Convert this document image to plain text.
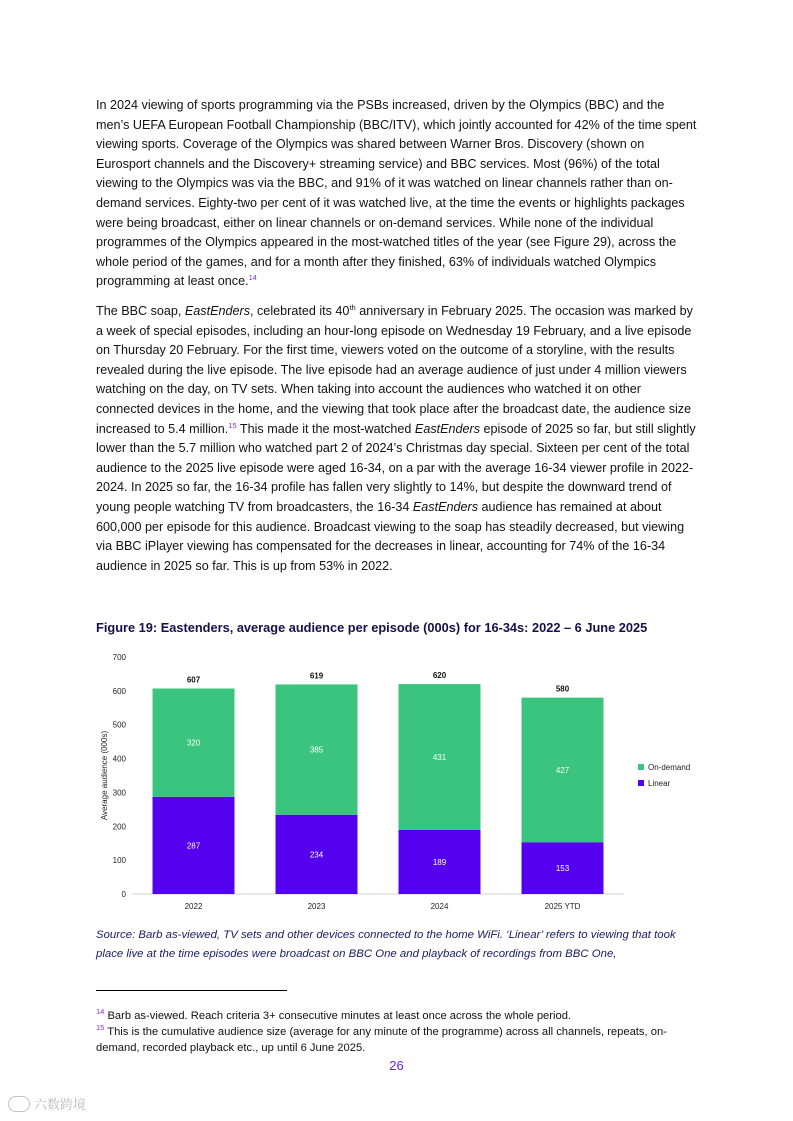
In 2024 viewing of sports programming via the PSBs increased, driven by the Olympics (BBC) and the men’s UEFA European Football Championship (BBC/ITV), which jointly accounted for 42% of the time spent viewing sports. Coverage of the Olympics was shared between Warner Bros. Discovery (shown on Eurosport channels and the Discovery+ streaming service) and BBC services. Most (96%) of the total viewing to the Olympics was via the BBC, and 91% of it was watched on linear channels rather than on-demand services. Eighty-two per cent of it was watched live, at the time the events or highlights packages were being broadcast, either on linear channels or on-demand services. While none of the individual programmes of the Olympics appeared in the most-watched titles of the year (see Figure 29), across the whole period of the games, and for a month after they finished, 63% of individuals watched Olympics programming at least once.$^{14}$

The BBC soap, EastEnders, celebrated its 40th anniversary in February 2025. The occasion was marked by a week of special episodes, including an hour-long episode on Wednesday 19 February, and a live episode on Thursday 20 February. For the first time, viewers voted on the outcome of a storyline, with the results revealed during the live episode. The live episode had an average audience of just under 4 million viewers watching on the day, on TV sets. When taking into account the audiences who watched it on other connected devices in the home, and the viewing that took place after the broadcast date, the audience size increased to 5.4 million.$^{15}$ This made it the most-watched EastEnders episode of 2025 so far, but still slightly lower than the 5.7 million who watched part 2 of 2024’s Christmas day special. Sixteen per cent of the total audience to the 2025 live episode were aged 16-34, on a par with the average 16-34 viewer profile in 2022-2024. In 2025 so far, the 16-34 profile has fallen very slightly to 14%, but despite the downward trend of young people watching TV from broadcasters, the 16-34 EastEnders audience has remained at about 600,000 per episode for this audience. Broadcast viewing to the soap has steadily decreased, but viewing via BBC iPlayer viewing has compensated for the decreases in linear, accounting for 74% of the 16-34 audience in 2025 so far. This is up from 53% in 2022.

Figure 19: Eastenders, average audience per episode (000s) for 16-34s: 2022 – 6 June 2025

0
100
200
300
400
500
600
700
Average audience (000s)
287
320
607
2022
234
385
619
2023
189
431
620
2024
153
427
580
2025 YTD
On-demand
Linear

Source: Barb as-viewed, TV sets and other devices connected to the home WiFi. ‘Linear’ refers to viewing that took place live at the time episodes were broadcast on BBC One and playback of recordings from BBC One,

$^{14}$ Barb as-viewed. Reach criteria 3+ consecutive minutes at least once across the whole period.

$^{15}$ This is the cumulative audience size (average for any minute of the programme) across all channels, repeats, on-demand, recorded playback etc., up until 6 June 2025.

26
六数跨境
